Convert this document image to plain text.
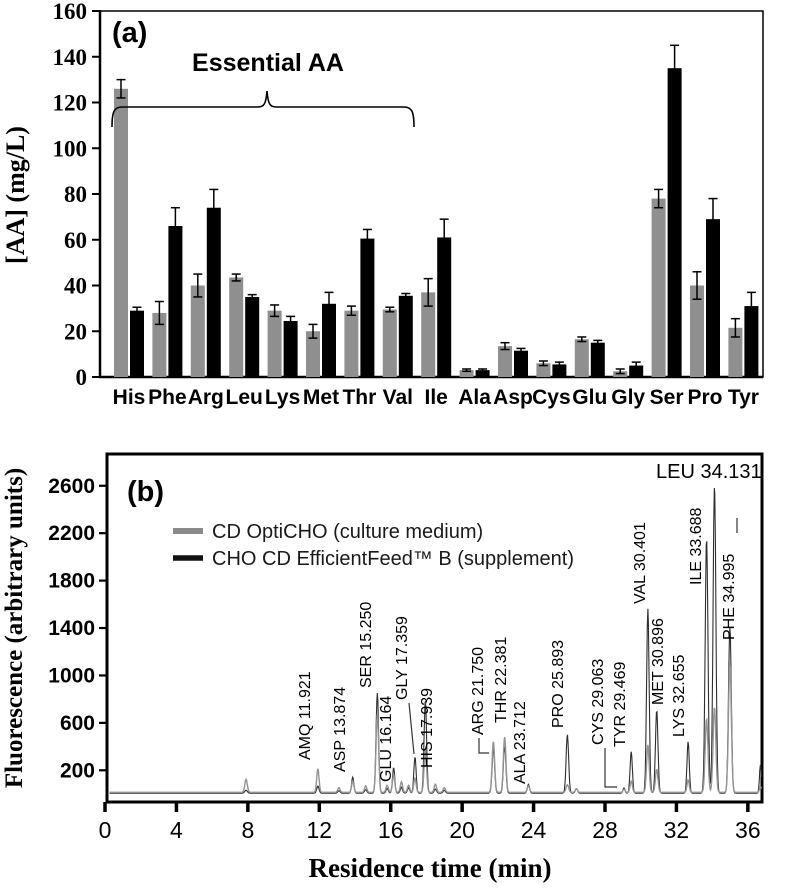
0
20
40
60
80
100
120
140
160
His Phe Arg Leu Lys Met Thr Val Ile Ala Asp Cys Glu Gly Ser Pro Tyr
200
600
1000
1400
1800
2200
2600
0	4	8 12 16 20 24 28 32 36
AMQ 11.921 ASP 13.874
SER 15.250
GLU 16.164
GLY 17.359
HIS 17.939 ARG 21.750 THR 22.381
ALA 23.712
PRO 25.893 CYS 29.063 TYR 29.469
VAL 30.401
MET 30.896 LYS 32.655
ILE 33.688
LEU 34.131
PHE 34.995
(a)
Essential AA
[AA] (mg/L)
(b)
Fluorescence (arbitrary units)
Residence time (min)
CD OptiCHO (culture medium)
CHO CD EfficientFeed™ B (supplement)
